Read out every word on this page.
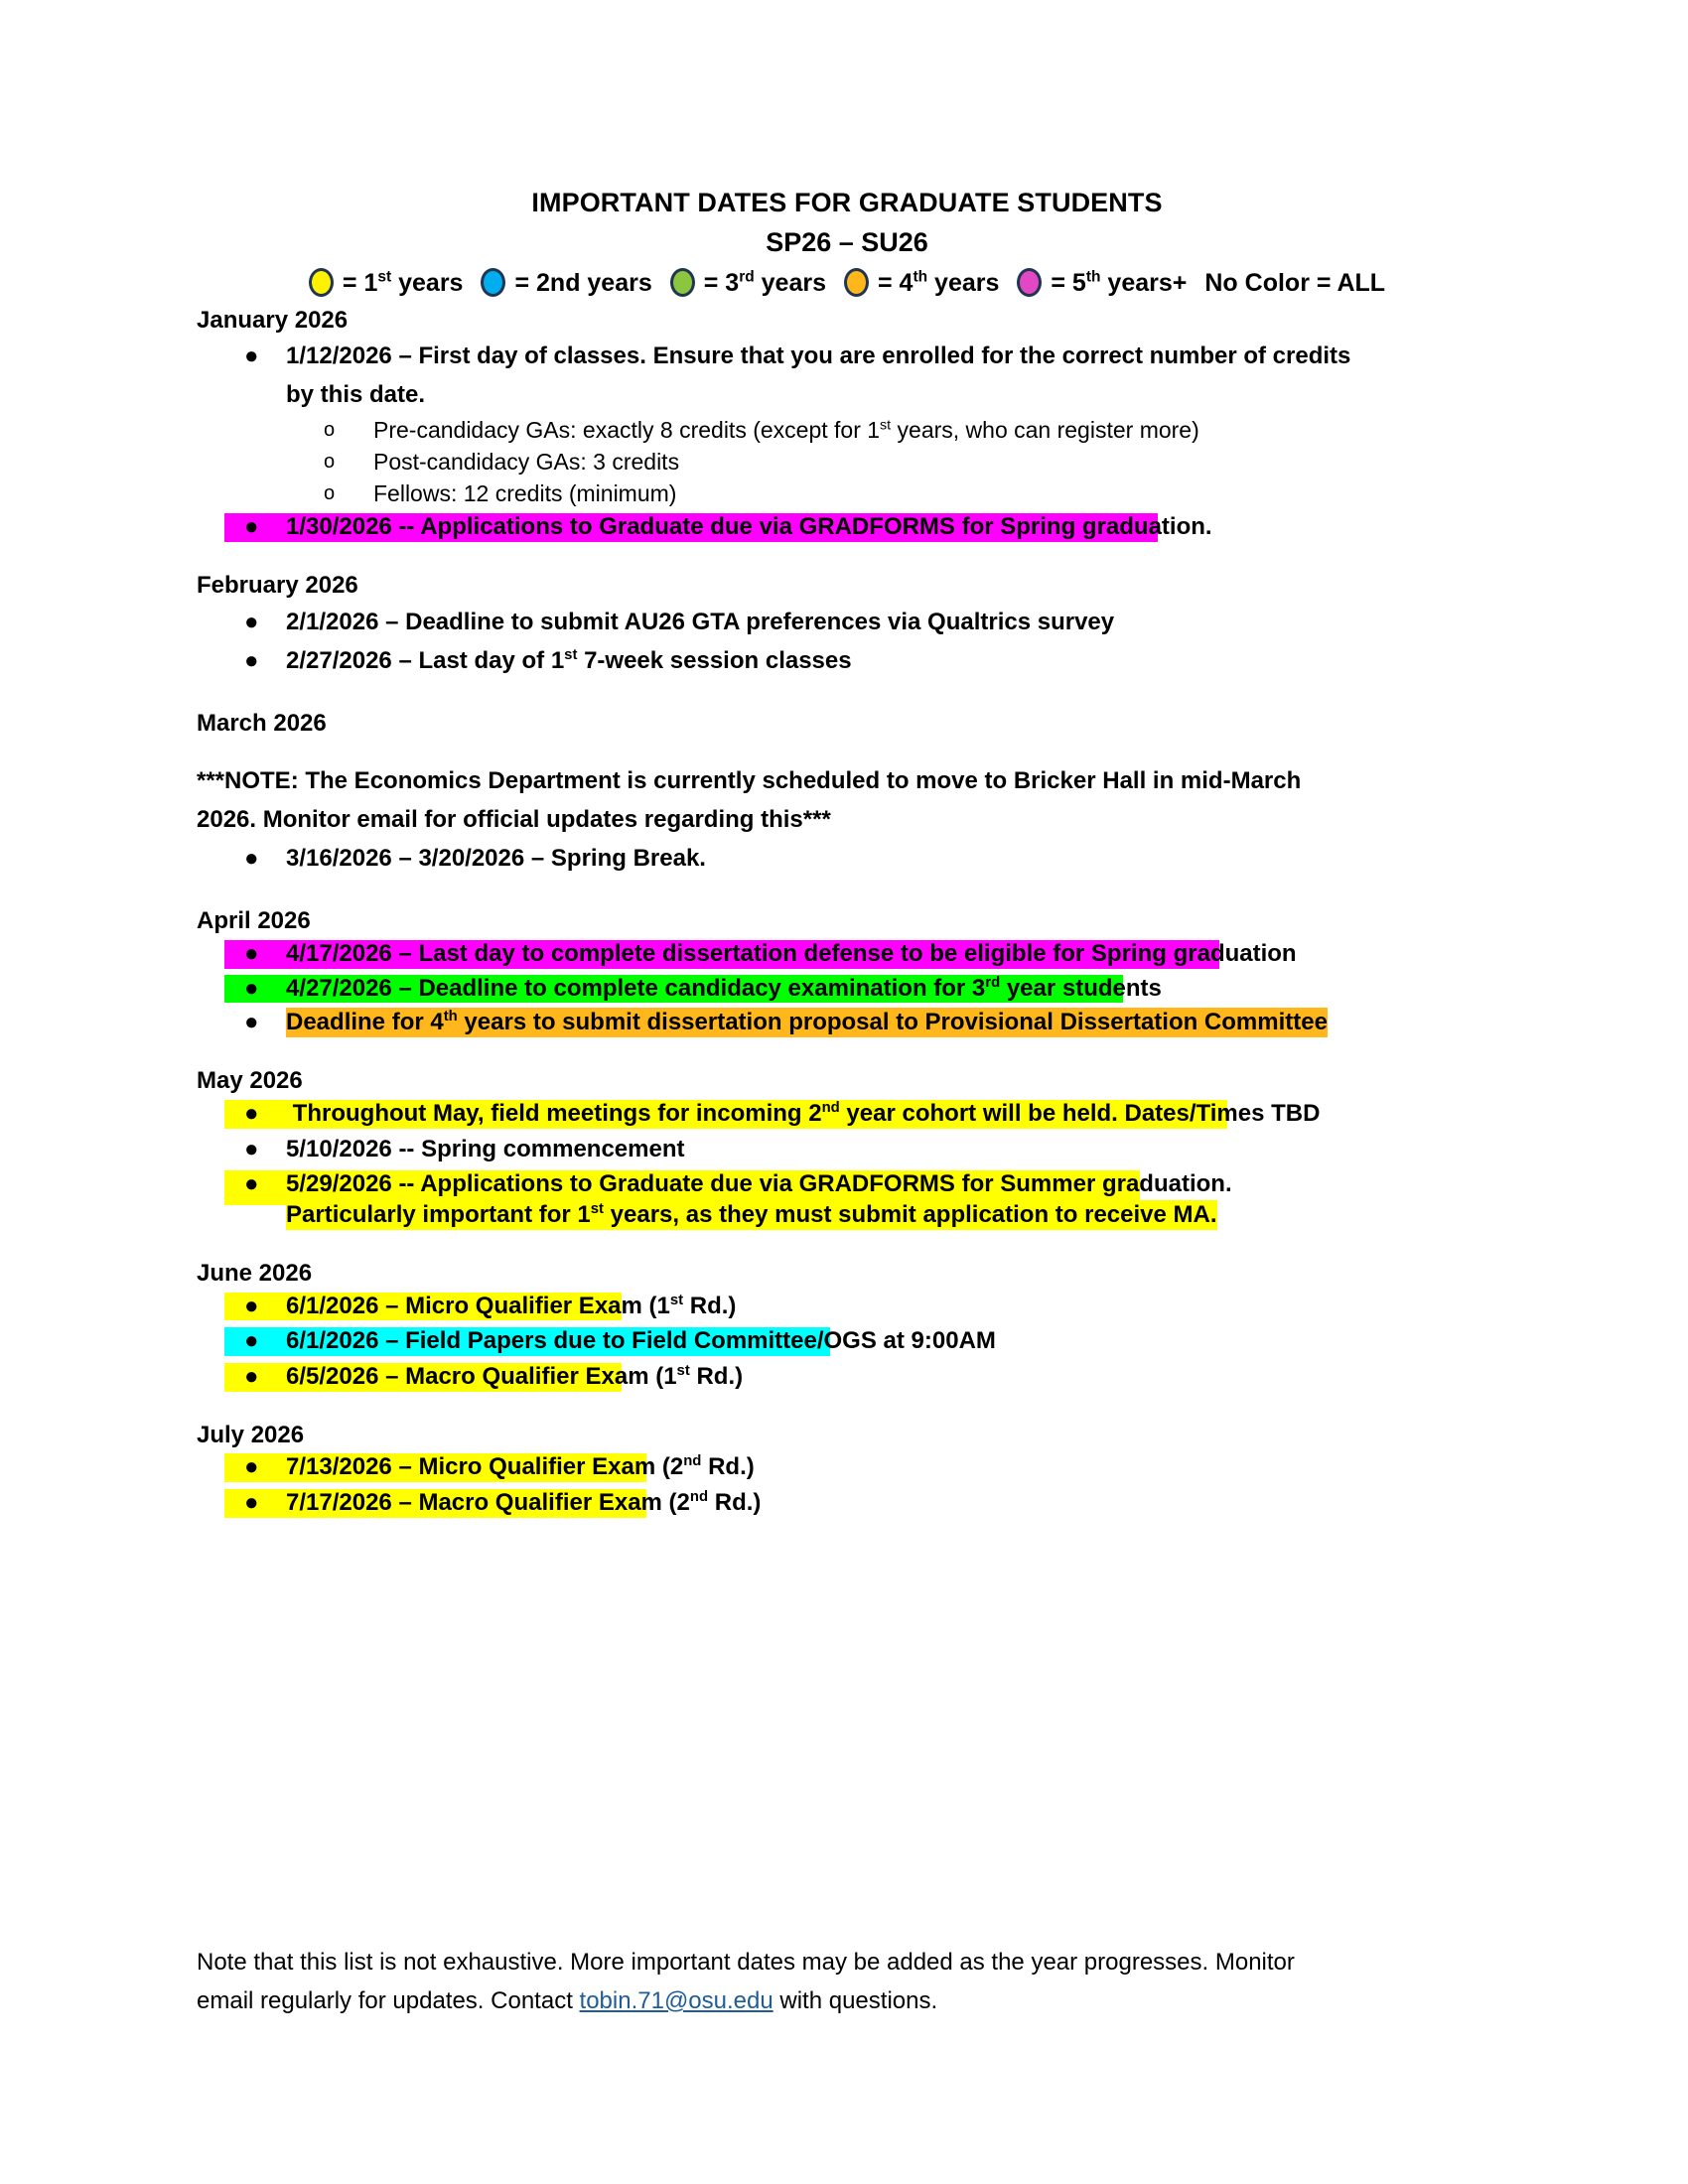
IMPORTANT DATES FOR GRADUATE STUDENTS
SP26 – SU26
= 1st years = 2nd years = 3rd years = 4th years = 5th years+ No Color = ALL
January 2026
● 1/12/2026 – First day of classes. Ensure that you are enrolled for the correct number of credits
by this date.
o Pre-candidacy GAs: exactly 8 credits (except for 1st years, who can register more)
o Post-candidacy GAs: 3 credits
o Fellows: 12 credits (minimum)
● 1/30/2026 -- Applications to Graduate due via GRADFORMS for Spring graduation.
February 2026
● 2/1/2026 – Deadline to submit AU26 GTA preferences via Qualtrics survey
● 2/27/2026 – Last day of 1st 7-week session classes
March 2026
***NOTE: The Economics Department is currently scheduled to move to Bricker Hall in mid-March
2026. Monitor email for official updates regarding this***
● 3/16/2026 – 3/20/2026 – Spring Break.
April 2026
● 4/17/2026 – Last day to complete dissertation defense to be eligible for Spring graduation
● 4/27/2026 – Deadline to complete candidacy examination for 3rd year students
● Deadline for 4th years to submit dissertation proposal to Provisional Dissertation Committee
May 2026
● Throughout May, field meetings for incoming 2nd year cohort will be held. Dates/Times TBD
● 5/10/2026 -- Spring commencement
● 5/29/2026 -- Applications to Graduate due via GRADFORMS for Summer graduation.
Particularly important for 1st years, as they must submit application to receive MA.
June 2026
● 6/1/2026 – Micro Qualifier Exam (1st Rd.)
● 6/1/2026 – Field Papers due to Field Committee/OGS at 9:00AM
● 6/5/2026 – Macro Qualifier Exam (1st Rd.)
July 2026
● 7/13/2026 – Micro Qualifier Exam (2nd Rd.)
● 7/17/2026 – Macro Qualifier Exam (2nd Rd.)
Note that this list is not exhaustive. More important dates may be added as the year progresses. Monitor
email regularly for updates. Contact tobin.71@osu.edu with questions.
